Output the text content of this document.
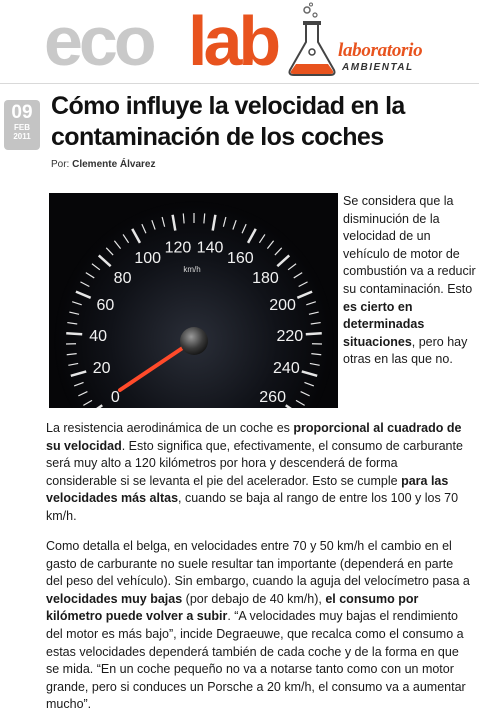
eco lab	laboratorio
AMBIENTAL
09
FEB
2011
Cómo influye la velocidad en la contaminación de los coches
Por: Clemente Álvarez
0
20
40
60
80
100
120 140
160
180
200
220
240
260
km/h

Se considera que la disminución de la velocidad de un vehículo de motor de combustión va a reducir su contaminación. Esto es cierto en determinadas situaciones, pero hay otras en las que no.

La resistencia aerodinámica de un coche es proporcional al cuadrado de su velocidad. Esto significa que, efectivamente, el consumo de carburante será muy alto a 120 kilómetros por hora y descenderá de forma considerable si se levanta el pie del acelerador. Esto se cumple para las velocidades más altas, cuando se baja al rango de entre los 100 y los 70 km/h.

Como detalla el belga, en velocidades entre 70 y 50 km/h el cambio en el gasto de carburante no suele resultar tan importante (dependerá en parte del peso del vehículo). Sin embargo, cuando la aguja del velocímetro pasa a velocidades muy bajas (por debajo de 40 km/h), el consumo por kilómetro puede volver a subir. “A velocidades muy bajas el rendimiento del motor es más bajo”, incide Degraeuwe, que recalca como el consumo a estas velocidades dependerá también de cada coche y de la forma en que se mida. “En un coche pequeño no va a notarse tanto como con un motor grande, pero si conduces un Porsche a 20 km/h, el consumo va a aumentar mucho”.
